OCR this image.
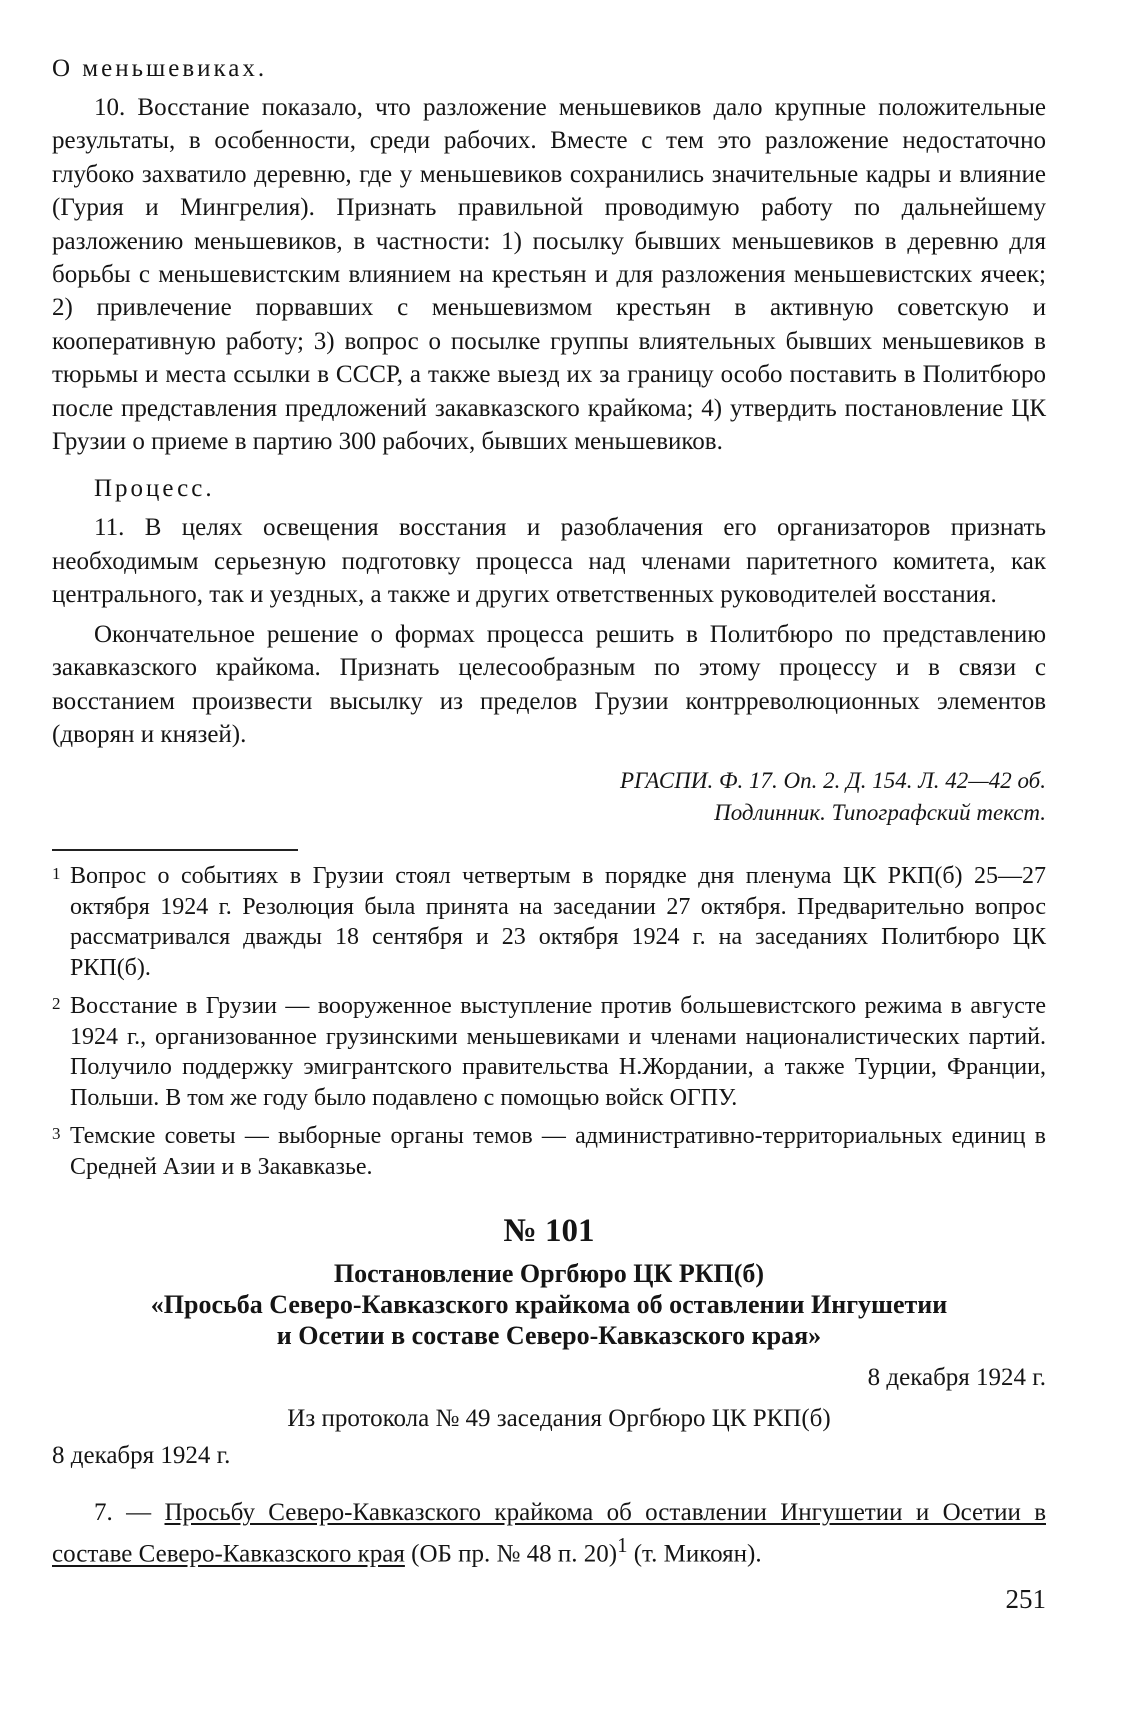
О меньшевиках.

10. Восстание показало, что разложение меньшевиков дало крупные положительные результаты, в особенности, среди рабочих. Вместе с тем это разложение недостаточно глубоко захватило деревню, где у меньшевиков сохранились значительные кадры и влияние (Гурия и Мингрелия). Признать правильной проводимую работу по дальнейшему разложению меньшевиков, в частности: 1) посылку бывших меньшевиков в деревню для борьбы с меньшевистским влиянием на крестьян и для разложения меньшевистских ячеек; 2) привлечение порвавших с меньшевизмом крестьян в активную советскую и кооперативную работу; 3) вопрос о посылке группы влиятельных бывших меньшевиков в тюрьмы и места ссылки в СССР, а также выезд их за границу особо поставить в Политбюро после представления предложений закавказского крайкома; 4) утвердить постановление ЦК Грузии о приеме в партию 300 рабочих, бывших меньшевиков.

Процесс.

11. В целях освещения восстания и разоблачения его организаторов признать необходимым серьезную подготовку процесса над членами паритетного комитета, как центрального, так и уездных, а также и других ответственных руководителей восстания.

Окончательное решение о формах процесса решить в Политбюро по представлению закавказского крайкома. Признать целесообразным по этому процессу и в связи с восстанием произвести высылку из пределов Грузии контрреволюционных элементов (дворян и князей).

РГАСПИ. Ф. 17. Оп. 2. Д. 154. Л. 42—42 об.
Подлинник. Типографский текст.
1 Вопрос о событиях в Грузии стоял четвертым в порядке дня пленума ЦК РКП(б) 25—27 октября 1924 г. Резолюция была принята на заседании 27 октября. Предварительно вопрос рассматривался дважды 18 сентября и 23 октября 1924 г. на заседаниях Политбюро ЦК РКП(б).
2 Восстание в Грузии — вооруженное выступление против большевистского режима в августе 1924 г., организованное грузинскими меньшевиками и членами националистических партий. Получило поддержку эмигрантского правительства Н.Жордании, а также Турции, Франции, Польши. В том же году было подавлено с помощью войск ОГПУ.
3 Темские советы — выборные органы темов — административно-территориальных единиц в Средней Азии и в Закавказье.
№ 101
Постановление Оргбюро ЦК РКП(б)
«Просьба Северо-Кавказского крайкома об оставлении Ингушетии
и Осетии в составе Северо-Кавказского края»
8 декабря 1924 г.
Из протокола № 49 заседания Оргбюро ЦК РКП(б)
8 декабря 1924 г.

7. — Просьбу Северо-Кавказского крайкома об оставлении Ингушетии и Осетии в составе Северо-Кавказского края (ОБ пр. № 48 п. 20)$^1$ (т. Микоян).

251
